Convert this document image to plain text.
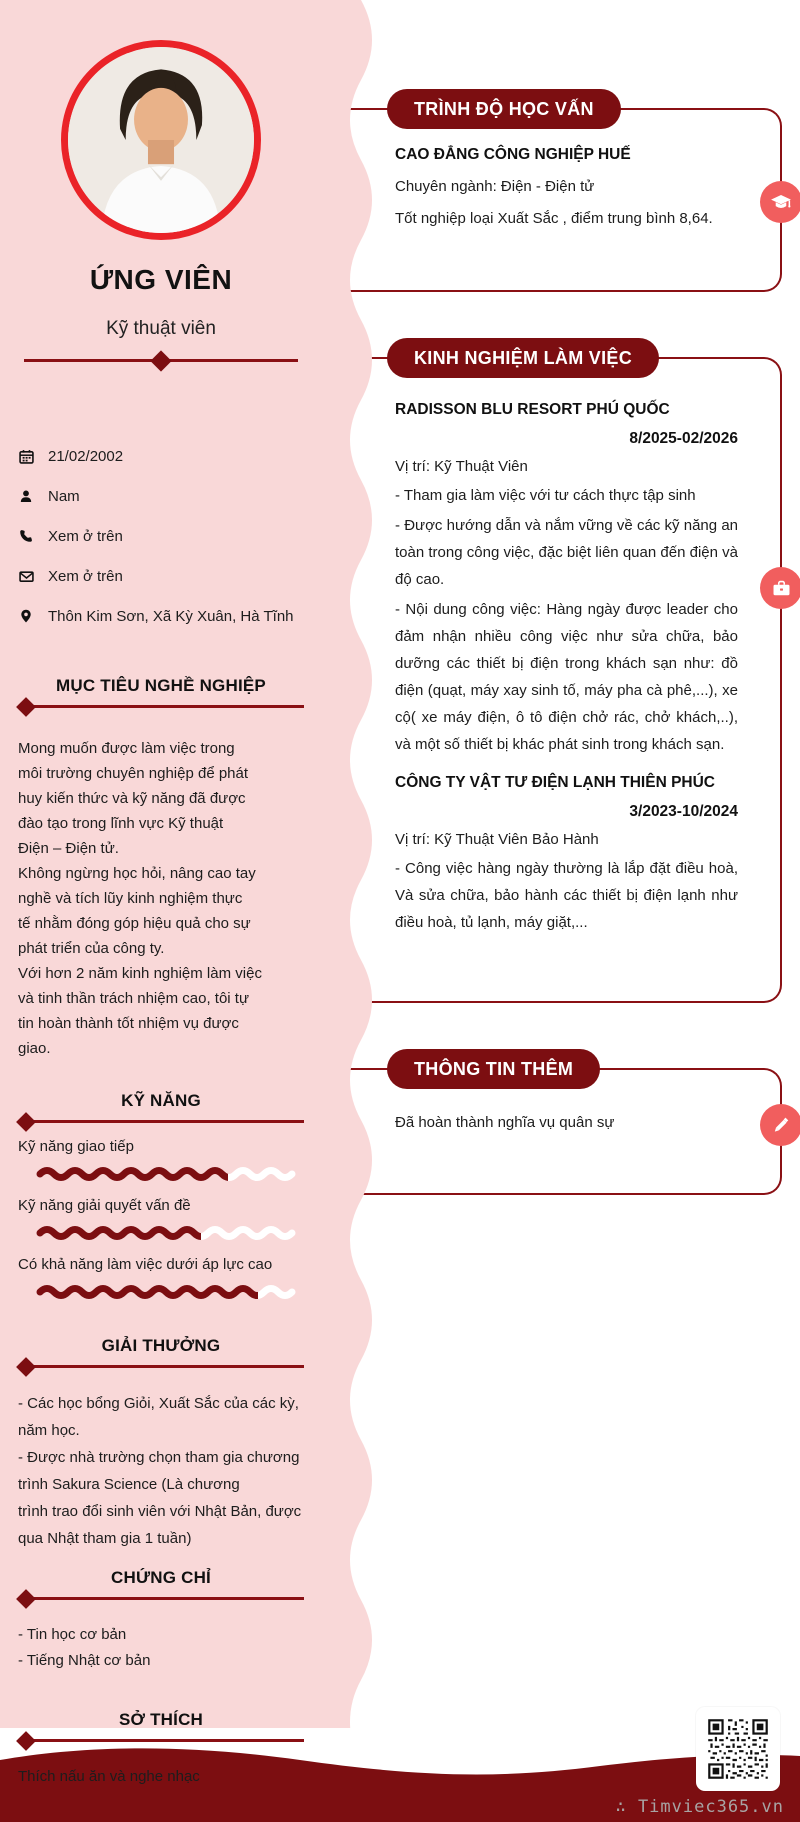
ỨNG VIÊN
Kỹ thuật viên
21/02/2002
Nam
Xem ở trên
Xem ở trên
Thôn Kim Sơn, Xã Kỳ Xuân, Hà Tĩnh
MỤC TIÊU NGHỀ NGHIỆP
Mong muốn được làm việc trong
môi trường chuyên nghiệp để phát
huy kiến thức và kỹ năng đã được
đào tạo trong lĩnh vực Kỹ thuật
Điện – Điện tử.
Không ngừng học hỏi, nâng cao tay
nghề và tích lũy kinh nghiệm thực
tế nhằm đóng góp hiệu quả cho sự
phát triển của công ty.
Với hơn 2 năm kinh nghiệm làm việc
và tinh thần trách nhiệm cao, tôi tự
tin hoàn thành tốt nhiệm vụ được
giao.
KỸ NĂNG
Kỹ năng giao tiếp
Kỹ năng giải quyết vấn đề
Có khả năng làm việc dưới áp lực cao
GIẢI THƯỞNG
- Các học bổng Giỏi, Xuất Sắc của các kỳ,
năm học.
- Được nhà trường chọn tham gia chương
trình Sakura Science (Là chương
trình trao đổi sinh viên với Nhật Bản, được
qua Nhật tham gia 1 tuần)
CHỨNG CHỈ
- Tin học cơ bản
- Tiếng Nhật cơ bản
SỞ THÍCH
Thích nấu ăn và nghe nhạc
TRÌNH ĐỘ HỌC VẤN
CAO ĐẲNG CÔNG NGHIỆP HUẾ
Chuyên ngành: Điện - Điện tử
Tốt nghiệp loại Xuất Sắc , điểm trung bình 8,64.
KINH NGHIỆM LÀM VIỆC
RADISSON BLU RESORT PHÚ QUỐC
8/2025-02/2026
Vị trí: Kỹ Thuật Viên
- Tham gia làm việc với tư cách thực tập sinh
- Được hướng dẫn và nắm vững về các kỹ năng an toàn trong công việc, đặc biệt liên quan đến điện và độ cao.
- Nội dung công việc: Hàng ngày được leader cho đảm nhận nhiều công việc như sửa chữa, bảo dưỡng các thiết bị điện trong khách sạn như: đồ điện (quạt, máy xay sinh tố, máy pha cà phê,...), xe cộ( xe máy điện, ô tô điện chở rác, chở khách,..), và một số thiết bị khác phát sinh trong khách sạn.
CÔNG TY VẬT TƯ ĐIỆN LẠNH THIÊN PHÚC
3/2023-10/2024
Vị trí: Kỹ Thuật Viên Bảo Hành
- Công việc hàng ngày thường là lắp đặt điều hoà, Và sửa chữa, bảo hành các thiết bị điện lạnh như điều hoà, tủ lạnh, máy giặt,...
THÔNG TIN THÊM
Đã hoàn thành nghĩa vụ quân sự
∴ Timviec365.vn
